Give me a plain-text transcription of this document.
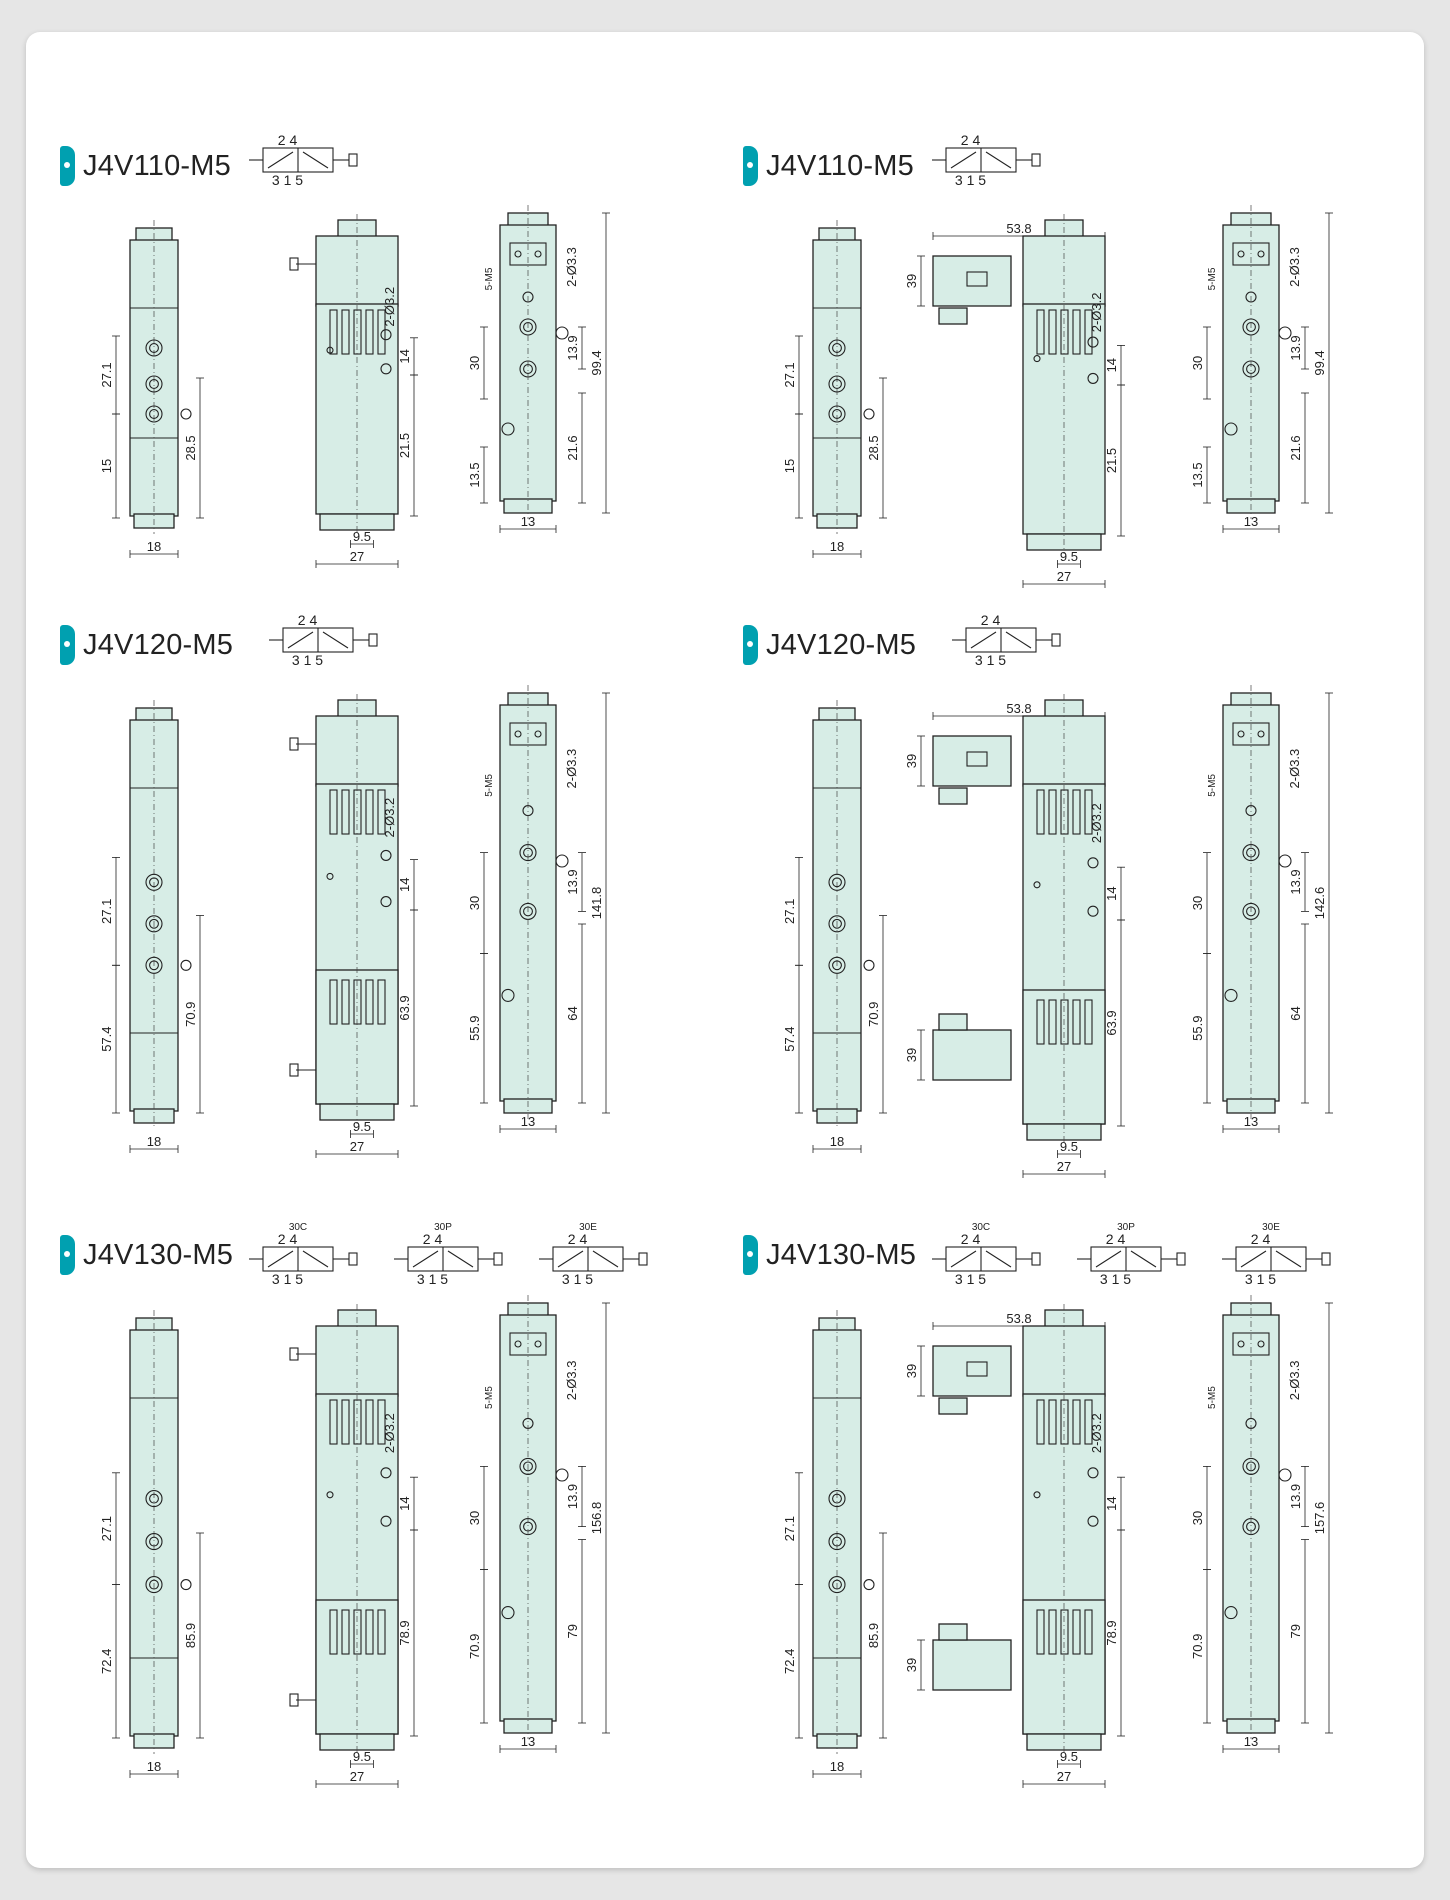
J4V110-M5	J4V110-M5
J4V120-M5	J4V120-M5
J4V130-M5	J4V130-M5
2 4
3 1 5
27.1
15
28.5
18
2-Ø3.2
14
21.5
9.5
27
5-M5	2-Ø3.3
99.4
30
13.9
13.5
21.6
13
2 4
3 1 5
27.1
15
28.5
18
53.8
39
2-Ø3.2
14
21.5
9.5
27
5-M5	2-Ø3.3
99.4
30
13.9
13.5
21.6
13
2 4
3 1 5
27.1
57.4
70.9
18
2-Ø3.2
14
63.9
9.5
27
5-M5	2-Ø3.3
30
13.9
141.8
55.9
64
13
2 4
3 1 5
27.1
57.4
70.9
18
53.8
39
39
2-Ø3.2
14
63.9
9.5
27
5-M5	2-Ø3.3
30
13.9
142.6
55.9
64
13
2 4
3 1 5
30C
2 4
3 1 5
30P
2 4
3 1 5
30E
27.1
72.4
85.9
18
2-Ø3.2
14
78.9
9.5
27
5-M5	2-Ø3.3
30
13.9
156.8
70.9
79
13
2 4
3 1 5
30C
2 4
3 1 5
30P
2 4
3 1 5
30E
27.1
72.4
85.9
18
53.8
39
39
2-Ø3.2
14
78.9
9.5
27
5-M5	2-Ø3.3
30
13.9
157.6
70.9
79
13
